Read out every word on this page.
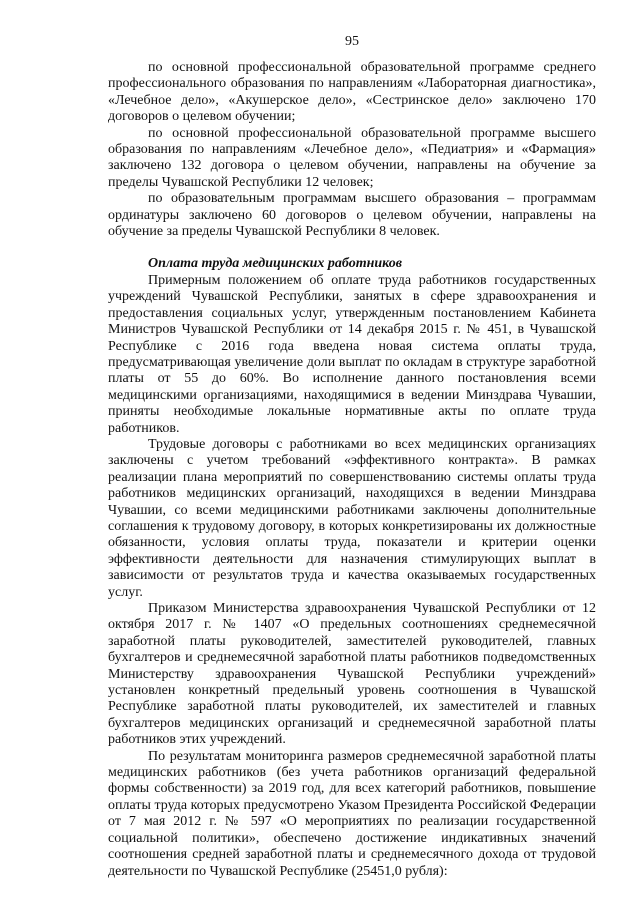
95

по основной профессиональной образовательной программе среднего профессионального образования по направлениям «Лабораторная диагностика», «Лечебное дело», «Акушерское дело», «Сестринское дело» заключено 170 договоров о целевом обучении;

по основной профессиональной образовательной программе высшего образования по направлениям «Лечебное дело», «Педиатрия» и «Фармация» заключено 132 договора о целевом обучении, направлены на обучение за пределы Чувашской Республики 12 человек;

по образовательным программам высшего образования – программам ординатуры заключено 60 договоров о целевом обучении, направлены на обучение за пределы Чувашской Республики 8 человек.

Оплата труда медицинских работников

Примерным положением об оплате труда работников государственных учреждений Чувашской Республики, занятых в сфере здравоохранения и предоставления социальных услуг, утвержденным постановлением Кабинета Министров Чувашской Республики от 14 декабря 2015 г. № 451, в Чувашской Республике с 2016 года введена новая система оплаты труда, предусматривающая увеличение доли выплат по окладам в структуре заработной платы от 55 до 60%. Во исполнение данного постановления всеми медицинскими организациями, находящимися в ведении Минздрава Чувашии, приняты необходимые локальные нормативные акты по оплате труда работников.

Трудовые договоры с работниками во всех медицинских организациях заключены с учетом требований «эффективного контракта». В рамках реализации плана мероприятий по совершенствованию системы оплаты труда работников медицинских организаций, находящихся в ведении Минздрава Чувашии, со всеми медицинскими работниками заключены дополнительные соглашения к трудовому договору, в которых конкретизированы их должностные обязанности, условия оплаты труда, показатели и критерии оценки эффективности деятельности для назначения стимулирующих выплат в зависимости от результатов труда и качества оказываемых государственных услуг.

Приказом Министерства здравоохранения Чувашской Республики от 12 октября 2017 г. № 1407 «О предельных соотношениях среднемесячной заработной платы руководителей, заместителей руководителей, главных бухгалтеров и среднемесячной заработной платы работников подведомственных Министерству здравоохранения Чувашской Республики учреждений» установлен конкретный предельный уровень соотношения в Чувашской Республике заработной платы руководителей, их заместителей и главных бухгалтеров медицинских организаций и среднемесячной заработной платы работников этих учреждений.

По результатам мониторинга размеров среднемесячной заработной платы медицинских работников (без учета работников организаций федеральной формы собственности) за 2019 год, для всех категорий работников, повышение оплаты труда которых предусмотрено Указом Президента Российской Федерации от 7 мая 2012 г. № 597 «О мероприятиях по реализации государственной социальной политики», обеспечено достижение индикативных значений соотношения средней заработной платы и среднемесячного дохода от трудовой деятельности по Чувашской Республике (25451,0 рубля):
